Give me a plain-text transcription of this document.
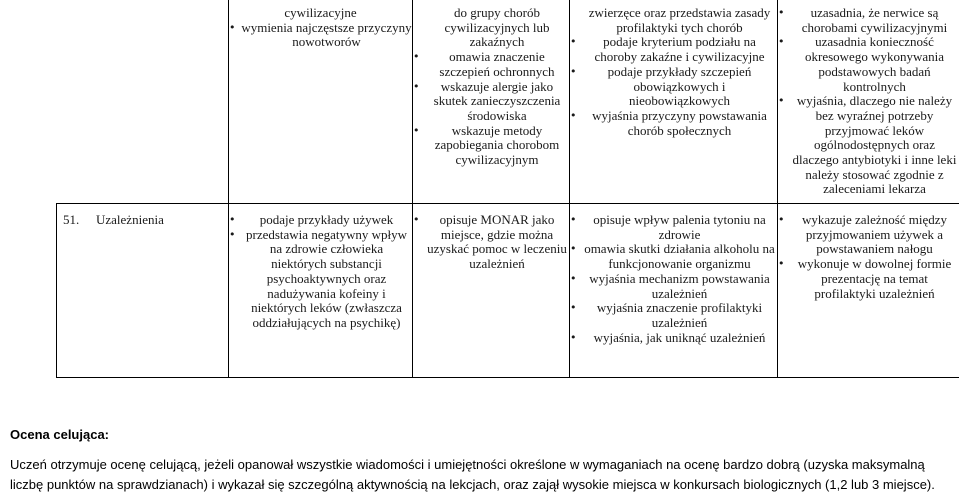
cywilizacyjne
• wymienia najczęstsze przyczyny nowotworów
do grupy chorób cywilizacyjnych lub zakaźnych
• omawia znaczenie szczepień ochronnych
• wskazuje alergie jako skutek zanieczyszczenia środowiska
• wskazuje metody zapobiegania chorobom cywilizacyjnym
zwierzęce oraz przedstawia zasady profilaktyki tych chorób
• podaje kryterium podziału na choroby zakaźne i cywilizacyjne
• podaje przykłady szczepień obowiązkowych i nieobowiązkowych
• wyjaśnia przyczyny powstawania chorób społecznych
• uzasadnia, że nerwice są chorobami cywilizacyjnymi
• uzasadnia konieczność okresowego wykonywania podstawowych badań kontrolnych
• wyjaśnia, dlaczego nie należy bez wyraźnej potrzeby przyjmować leków ogólnodostępnych oraz dlaczego antybiotyki i inne leki należy stosować zgodnie z zaleceniami lekarza
51. Uzależnienia
•	podaje przykłady używek
• przedstawia negatywny wpływ na zdrowie człowieka niektórych substancji psychoaktywnych oraz nadużywania kofeiny i niektórych leków (zwłaszcza oddziałujących na psychikę)
• opisuje MONAR jako miejsce, gdzie można uzyskać pomoc w leczeniu uzależnień
• opisuje wpływ palenia tytoniu na zdrowie
• omawia skutki działania alkoholu na funkcjonowanie organizmu
• wyjaśnia mechanizm powstawania uzależnień
• wyjaśnia znaczenie profilaktyki uzależnień
• wyjaśnia, jak uniknąć uzależnień
• wykazuje zależność między przyjmowaniem używek a powstawaniem nałogu
• wykonuje w dowolnej formie prezentację na temat profilaktyki uzależnień
Ocena celująca:
Uczeń otrzymuje ocenę celującą, jeżeli opanował wszystkie wiadomości i umiejętności określone w wymaganiach na ocenę bardzo dobrą (uzyska maksymalną
liczbę punktów na sprawdzianach) i wykazał się szczególną aktywnością na lekcjach, oraz zajął wysokie miejsca w konkursach biologicznych (1,2 lub 3 miejsce).
